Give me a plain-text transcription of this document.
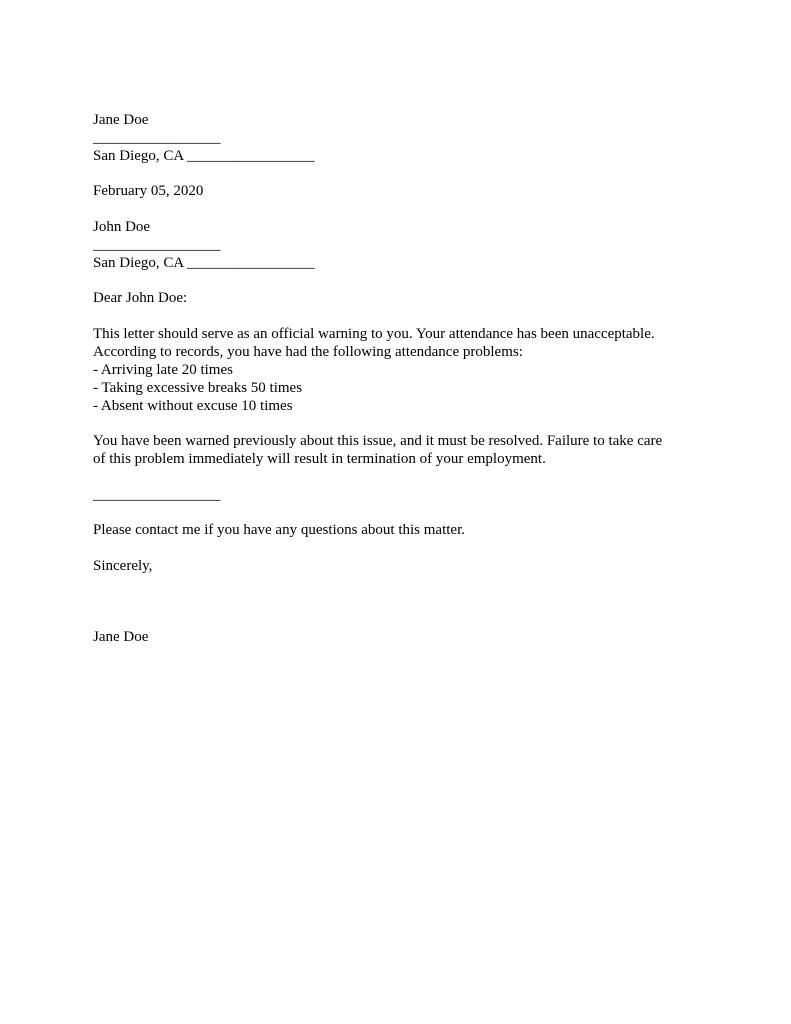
Jane Doe

_________________

San Diego, CA _________________

February 05, 2020

John Doe

_________________

San Diego, CA _________________

Dear John Doe:

This letter should serve as an official warning to you. Your attendance has been unacceptable.

According to records, you have had the following attendance problems:

- Arriving late 20 times

- Taking excessive breaks 50 times

- Absent without excuse 10 times

You have been warned previously about this issue, and it must be resolved. Failure to take care

of this problem immediately will result in termination of your employment.

_________________

Please contact me if you have any questions about this matter.

Sincerely,

Jane Doe
